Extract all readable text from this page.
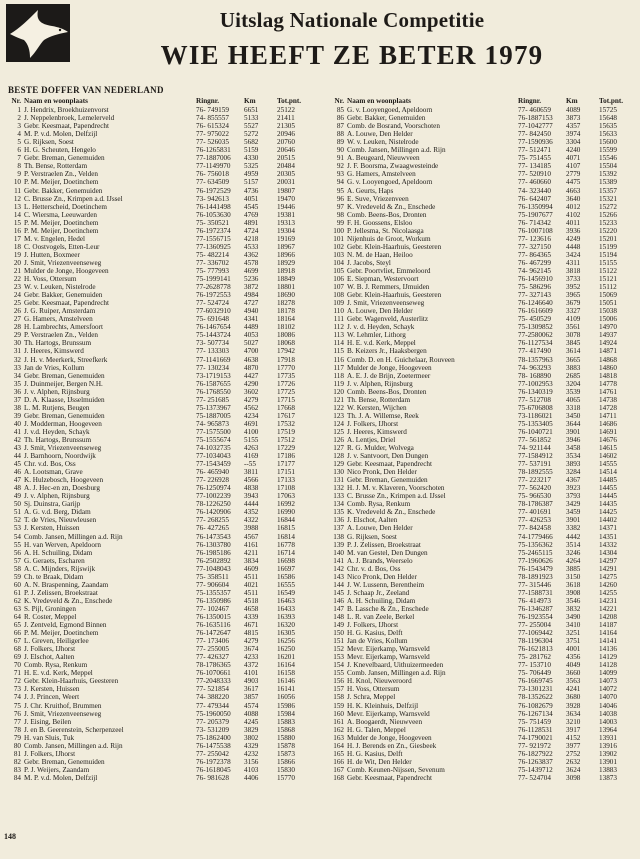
Uitslag Nationale Competitie
WIE HEEFT ZE BETER 1979
BESTE DOFFER VAN NEDERLAND
Nr. Naam en woonplaats	Ringnr.	Km	Tot.pnt.
1 J. Hendrix, Broekhuizenvorst	76- 749159	6651	25122
2 J. Neppelenbroek, Lemelerveld	74- 855557	5133	21411
3 Gebr. Keesmaat, Papendrecht	76- 615324	5527	21305
4 M. P. v.d. Molen, Delfzijl	77- 975022	5272	20946
5 G. Rijksen, Soest	77- 526035	5682	20760
6 H. G. Scheuten, Hengelo	76-1265831	5159	20646
7 Gebr. Breman, Genemuiden	77-1887006	4330	20515
8 Th. Bense, Rotterdam	77-1149970	5325	20484
9 P. Verstraelen Zn., Velden	76- 756018	4959	20305
10 P. M. Meijer, Doetinchem	77- 634509	5157	20031
11 Gebr. Bakker, Genemuiden	76-1972529	4736	19807
12 C. Brusse Zn., Krimpen a.d. IJssel	73- 942613	4051	19470
13 L. Hetterscheid, Doetinchem	76-1441498	4545	19446
14 C. Wiersma, Leeuwarden	76-1053630	4769	19381
15 P. M. Meijer, Doetinchem	75- 350521	4891	19313
16 P. M. Meijer, Doetinchem	76-1972374	4724	19304
17 M. v. Engelen, Hedel	77-1556715	4218	19169
18 C. Oostvogels, Etten-Leur	77-1360925	4533	18967
19 J. Hutten, Boxmeer	75- 482214	4362	18966
20 J. Smit, Vriezenveenseweg	77- 336702	4578	18929
21 Mulder de Jonge, Hoogeveen	75- 777993	4699	18918
22 H. Voss, Ottersum	75-1999141	5236	18849
23 W. v. Leuken, Nistelrode	77-2628778	3872	18801
24 Gebr. Bakker, Genemuiden	76-1972553	4984	18690
25 Gebr. Keesmaat, Papendrecht	77- 524724	4727	18278
26 J. G. Ruiper, Amsterdam	77-6032910	4940	18178
27 G. Hamers, Amstelveen	75- 691648	4341	18164
28 H. Lambrechts, Amersfoort	76-1467654	4489	18102
29 P. Verstraelen Zn., Velden	75-1443724	4053	18086
30 Th. Hartogs, Brunssum	73- 507734	5027	18068
31 J. Heeres, Kimswerd	77- 133303	4700	17942
32 J. H. v. Meerkerk, Streefkerk	77-1141669	4638	17918
33 Jan de Vries, Kollum	77- 130234	4870	17770
34 Gebr. Breman, Genemuiden	73-1719153	4427	17735
35 J. Duinmeijer, Bergen N.H.	76-1587655	4290	17726
36 J. v. Alphen, Rijnsburg	76-1768550	3602	17725
37 D. A. Klaasse, IJsselmuiden	77- 251685	4279	17715
38 L. M. Rutjens, Beugen	75-1373967	4562	17668
39 Gebr. Breman, Genemuiden	75-1887005	4234	17617
40 J. Modderman, Hoogeveen	74- 965873	4691	17532
41 J. v.d. Heyden, Schayk	77-1575500	4100	17519
42 Th. Hartogs, Brunssum	75-1555674	5155	17512
43 J. Smit, Vriezenveenseweg	74-1032735	4263	17229
44 J. Barnhoorn, Noordwijk	77-1034043	4169	17186
45 Chr. v.d. Bos, Oss	77-1543459	--55	17177
46 A. Lootsman, Grave	76- 465940	3811	17151
47 K. Hulzebosch, Hoogeveen	77- 226928	4566	17133
48 A. J. Hec-en zn, Doesburg	76-1250974	4838	17108
49 J. v. Alphen, Rijnsburg	77-1002239	3943	17063
50 Sj. Duinstra, Garijp	78-1226250	4444	16992
51 A. G. v.d. Berg, Didam	76-1420906	4352	16990
52 T. de Vries, Nieuwleusen	77- 268255	4322	16844
53 J. Kersten, Huissen	76- 427265	3988	16815
54 Comb. Jansen, Millingen a.d. Rijn	76-1473543	4567	16814
55 H. van Werven, Apeldoorn	76-1303780	4161	16778
56 A. H. Schuiling, Didam	76-1985186	4211	16714
57 G. Geraets, Escharen	76-2502892	3834	16698
58 A. C. Mijnders, Rijswijk	77-1048043	4609	16697
59 Ch. te Braak, Didam	75- 358511	4511	16586
60 A. N. Braspenning, Zaandam	77- 906604	4021	16555
61 P. J. Zelissen, Broekstraat	75-1355357	4511	16549
62 K. Vredeveld & Zn., Enschede	76-1350986	4518	16463
63 S. Pijl, Groningen	77- 102467	4658	16433
64 R. Coster, Meppel	76-1350015	4339	16393
65 J. Zentveld, Egmond Binnen	76-1635116	4671	16320
66 P. M. Meijer, Doetinchem	76-1472647	4815	16305
67 L. Greven, Heiligerlee	77- 173406	4279	16256
68 J. Folkers, IJhorst	77- 255005	3674	16250
69 J. Elschot, Aalten	77- 426327	4233	16201
70 Comb. Rysa, Renkum	78-1786365	4372	16164
71 H. E. v.d. Kerk, Meppel	76-1070661	4101	16158
72 Gebr. Klein-Haarhuis, Geesteren	77-2048333	4903	16146
73 J. Kersten, Huissen	77- 521854	3617	16141
74 J. J. Princen, Weert	74- 388220	3857	16056
75 J. Chr. Kruithof, Brummen	77- 479344	4574	15986
76 J. Smit, Vriezenveenseweg	75-1960050	4088	15984
77 J. Eising, Beilen	77- 205379	4245	15883
78 J. en B. Geerenstein, Scherpenzeel	73- 531209	3829	15868
79 H. van Sluis, Tuk	75-1862400	3802	15880
80 Comb. Jansen, Millingen a.d. Rijn	76-1475538	4329	15878
81 J. Folkers, IJhorst	77- 255042	4232	15873
82 Gebr. Breman, Genemuiden	76-1972378	3156	15866
83 P. J. Weijers, Zaandam	76-1618045	4103	15830
84 M. P. v.d. Molen, Delfzijl	76- 981628	4406	15770
Nr. Naam en woonplaats	Ringnr.	Km	Tot.pnt.
85 G. v. Looyengoed, Apeldoorn	77- 460659	4089	15725
86 Gebr. Bakker, Genemuiden	76-1887153	3873	15648
87 Comb. de Bosrand, Voorschoten	77-1042777	4357	15635
88 A. Louwe, Den Helder	77- 842450	3974	15633
89 W. v. Leuken, Nistelrode	77-1590936	3304	15600
90 Comb. Jansen, Millingen a.d. Rijn	77- 512471	4240	15599
91 A. Beugeard, Nieuwveen	75- 751455	4071	15546
92 J. F. Boorsma, Zwaagwesteinde	77- 134185	4107	15504
93 G. Hamers, Amstelveen	77- 520910	2779	15392
94 G. v. Looyengoed, Apeldoorn	77- 460660	4475	15389
95 A. Geurts, Haps	74- 323440	4663	15357
96 E. Suve, Vriezenveen	76- 642407	3640	15321
97 K. Vredeveld & Zn., Enschede	76-1350994	4012	15272
98 Comb. Beens-Bos, Dronten	75-1907677	4102	15266
99 F. H. Goossens, Elsloo	76- 714342	4011	15233
100 P. Jellesma, St. Nicolaasga	76-1007108	3936	15220
101 Nijenhuis de Groot, Workum	77- 123616	4249	15201
102 Gebr. Klein-Haarhuis, Geesteren	77- 327150	4448	15199
103 N. M. de Haan, Heiloo	77- 864365	3424	15194
104 J. Jacobs, Steyl	76- 467299	4311	15155
105 Gebr. Poortvliet, Emmeloord	74- 962145	3818	15122
106 E. Siepman, Westervoort	76-1456910	3733	15121
107 W. B. J. Remmers, IJmuiden	75- 586296	3952	15112
108 Gebr. Klein-Haarhuis, Geesteren	77- 327143	3965	15069
109 J. Smit, Vriezenveenseweg	76-1246640	3679	15051
110 A. Louwe, Den Helder	76-1616609	3327	15038
111 Gebr. Wagenveld, Austerlitz	75- 450529	4109	15006
112 J. v. d. Heyden, Schayk	75-1309852	3561	14970
113 W. Lehmler, Lithorg	77-2580062	3078	14937
114 H. E. v.d. Kerk, Meppel	76-1127534	3845	14924
115 B. Keizers Jr., Haaksbergen	77- 417490	3614	14871
116 Comb. D. en H. Guichelaar, Rouveen	78-1357963	3665	14868
117 Mulder de Jonge, Hoogeveen	74- 963293	3883	14860
118 A. E. J. de Brijn, Zoetermeer	78- 168890	2685	14818
119 J. v. Alphen, Rijnsburg	77-1002953	3204	14778
120 Comb. Beens-Bos, Dronten	76-1340319	3539	14761
121 Th. Bense, Rotterdam	77- 512708	4065	14738
122 W. Kersten, Wijchen	75-6706808	3318	14728
123 Th. J. A. Willemse, Reek	73-1186021	3450	14711
124 J. Folkers, IJhorst	75-1353405	3644	14686
125 J. Heeres, Kimswerd	76-1040721	3901	14691
126 A. Lentjes, Driel	77- 561852	3946	14676
127 R. G. Mulder, Wolvega	74- 921144	3458	14615
128 J. v. Santvoort, Den Dungen	77-1584912	3534	14602
129 Gebr. Keesmaat, Papendrecht	77- 537191	3893	14555
130 Nico Pronk, Den Helder	78-1892555	3284	14514
131 Gebr. Breman, Genemuiden	77- 223217	4367	14485
132 H. J. M. v. Klaveren, Voorschoten	77- 562420	3923	14455
133 C. Brusse Zn., Krimpen a.d. IJssel	75- 966530	3793	14445
134 Comb. Rysa, Renkum	78-1786387	3429	14435
135 K. Vredeveld & Zn., Enschede	77- 401691	3459	14425
136 J. Elschot, Aalten	77- 426253	3901	14402
137 A. Louwe, Den Helder	77- 842458	3382	14371
138 G. Rijksen, Soest	74-1779466	4442	14351
139 P. J. Zelissen, Broekstraat	75-1356362	3514	14332
140 M. van Gestel, Den Dungen	75-2465115	3246	14304
141 A. J. Brands, Weerselo	77-1960626	4264	14297
142 Chr. v. d. Bos, Oss	76-1543479	3885	14291
143 Nico Pronk, Den Helder	78-1891923	3150	14275
144 J. W. Lussenn, Berentheim	77- 315446	3618	14260
145 J. Schaap Jr., Zeeland	77-1588731	3908	14255
146 A. H. Schuiling, Didam	76- 414973	3546	14231
147 B. Lassche & Zn., Enschede	76-1346287	3832	14221
148 L. R. van Zeele, Berkel	76-1923554	3490	14208
149 J. Folkers, IJhorst	77- 255004	3410	14187
150 H. G. Kasius, Delft	77-1069442	3251	14164
151 Jan de Vries, Kollum	78-1196304	3751	14141
152 Mevr. Eijerkamp, Warnsveld	76-1621813	4001	14136
153 Mevr. Eijerkamp, Warnsveld	75- 281762	4356	14129
154 J. Knevelbaard, Uithuizermeeden	77- 153710	4049	14128
155 Comb. Jansen, Millingen a.d. Rijn	75- 706449	3660	14099
156 H. Knol, Nieuweroord	76-1669745	3563	14073
157 H. Voss, Ottersum	73-1301231	4241	14072
158 J. Schra, Meppel	78-1352622	3680	14070
159 H. K. Kleinhuis, Delfzijl	76-1082679	3928	14046
160 Mevr. Eijerkamp, Warnsveld	76-1267134	3634	14038
161 A. Boogaerdt, Nieuwveen	75- 751459	3210	14003
162 H. G. Talen, Meppel	76-1128531	3917	13964
163 Mulder de Jonge, Hoogeveen	74-1790021	4152	13931
164 H. J. Berends en Zn., Giesbeek	77- 921972	3977	13916
165 H. G. Kasius, Delft	76-1827922	2752	13902
166 H. de Wit, Den Helder	76-1263837	2632	13901
167 Comb. Keunen-Nijssen, Sevenum	75-1439712	3624	13883
168 Gebr. Keesmaat, Papendrecht	77- 524704	3098	13873
148
